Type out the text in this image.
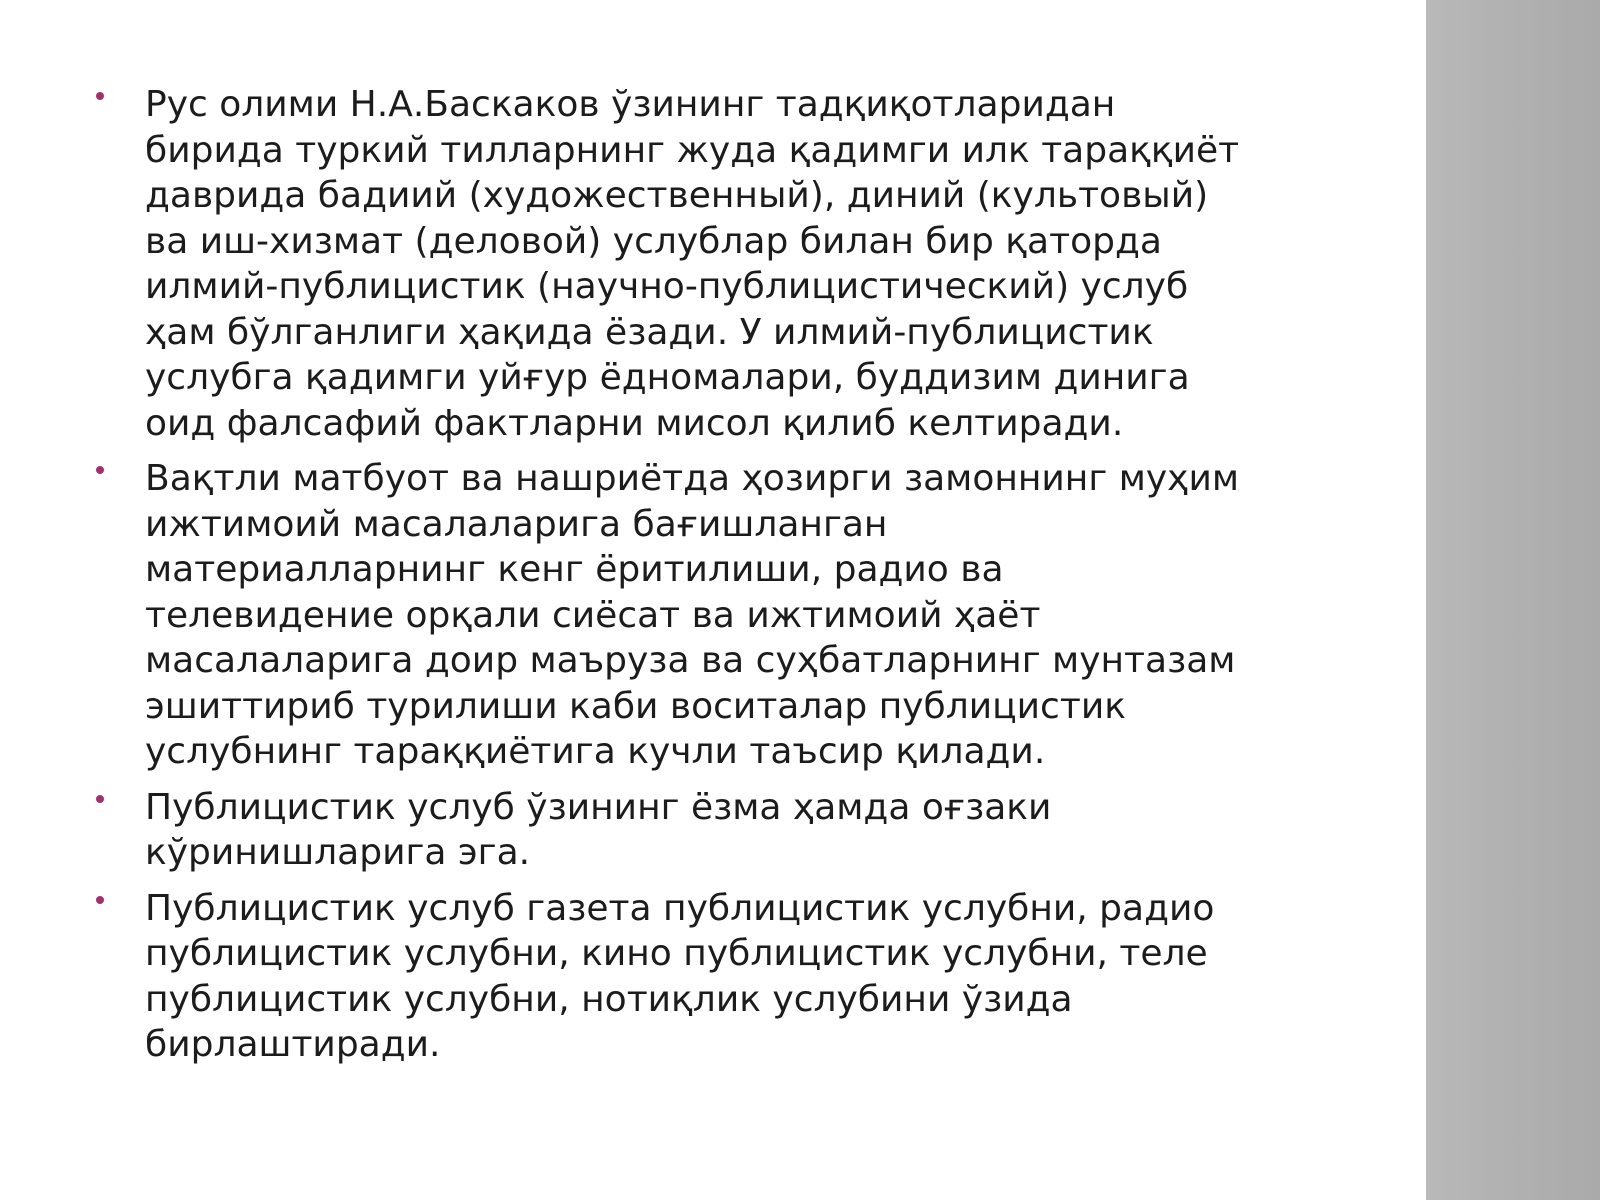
Рус олими Н.А.Баскаков ўзининг тадқиқотларидан
бирида туркий тилларнинг жуда қадимги илк тараққиёт
даврида бадиий (художественный), диний (культовый)
ва иш-хизмат (деловой) услублар билан бир қаторда
илмий-публицистик (научно-публицистический) услуб
ҳам бўлганлиги ҳақида ёзади. У илмий-публицистик
услубга қадимги уйғур ёдномалари, буддизим динига
оид фалсафий фактларни мисол қилиб келтиради.

Вақтли матбуот ва нашриётда ҳозирги замоннинг муҳим
ижтимоий масалаларига бағишланган
материалларнинг кенг ёритилиши, радио ва
телевидение орқали сиёсат ва ижтимоий ҳаёт
масалаларига доир маъруза ва суҳбатларнинг мунтазам
эшиттириб турилиши каби воситалар публицистик
услубнинг тараққиётига кучли таъсир қилади.

Публицистик услуб ўзининг ёзма ҳамда оғзаки
кўринишларига эга.

Публицистик услуб газета публицистик услубни, радио
публицистик услубни, кино публицистик услубни, теле
публицистик услубни, нотиқлик услубини ўзида
бирлаштиради.
